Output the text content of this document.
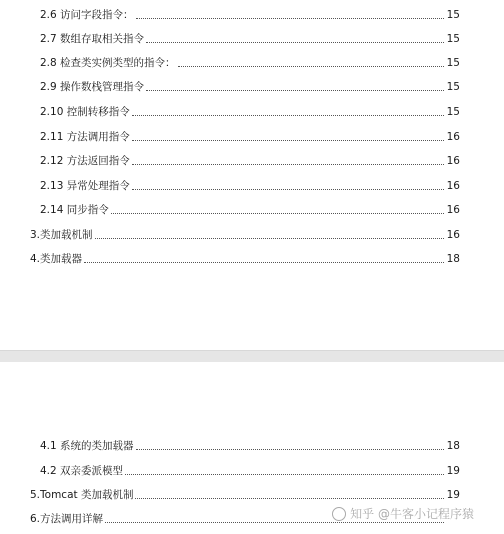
2.6 访问字段指令：	15
2.7 数组存取相关指令	15
2.8 检查类实例类型的指令：	15
2.9 操作数栈管理指令	15
2.10 控制转移指令	15
2.11 方法调用指令	16
2.12 方法返回指令	16
2.13 异常处理指令	16
2.14 同步指令	16
3.类加载机制	16
4.类加载器	18
4.1 系统的类加载器	18
4.2 双亲委派模型	19
5.Tomcat 类加载机制	19
6.方法调用详解	知乎 @牛客小记程序猿
